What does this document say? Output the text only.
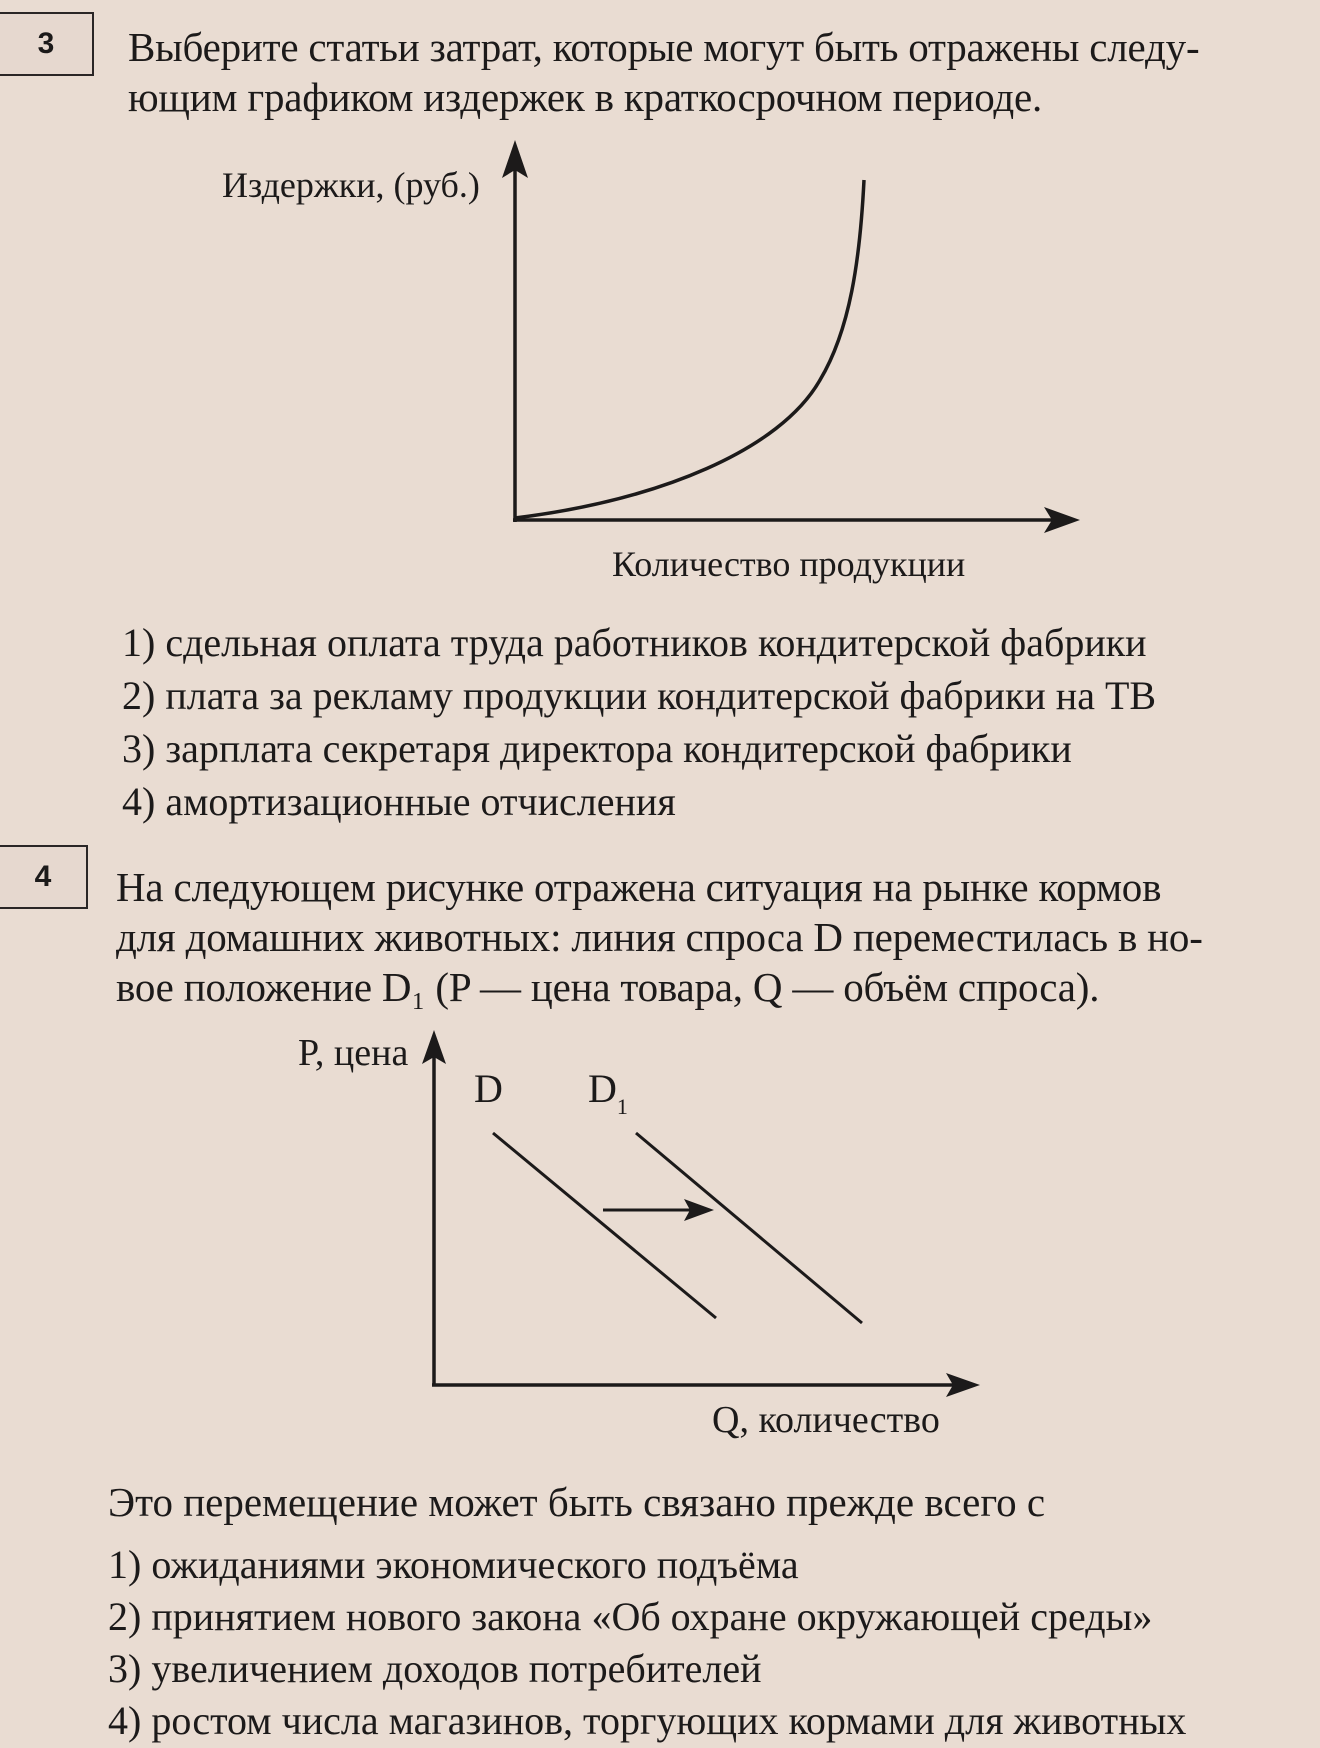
3 Выберите статьи затрат, которые могут быть отражены следу-
ющим графиком издержек в краткосрочном периоде.
Издержки, (руб.)
Количество продукции
1) сдельная оплата труда работников кондитерской фабрики
2) плата за рекламу продукции кондитерской фабрики на ТВ
3) зарплата секретаря директора кондитерской фабрики
4) амортизационные отчисления
4 На следующем рисунке отражена ситуация на рынке кормов
для домашних животных: линия спроса D переместилась в но-
вое положение D₁ (P — цена товара, Q — объём спроса).
P, цена
D $D_1$
Q, количество
Это перемещение может быть связано прежде всего с
1) ожиданиями экономического подъёма
2) принятием нового закона «Об охране окружающей среды»
3) увеличением доходов потребителей
4) ростом числа магазинов, торгующих кормами для животных
